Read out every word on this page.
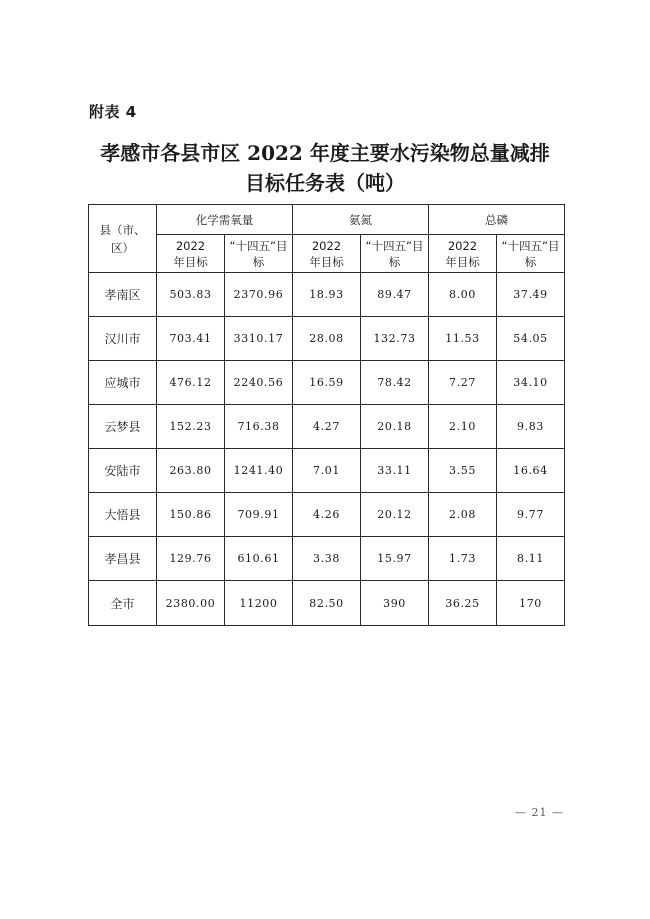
附表 4
孝感市各县市区 2022 年度主要水污染物总量减排
目标任务表（吨）
县（市、区）	化学需氧量		氨氮		总磷	

	2022 年目标	“十四五”目标	2022 年目标	“十四五”目标	2022 年目标	“十四五”目标

孝南区	503.83	2370.96	18.93	89.47	8.00	37.49
汉川市	703.41	3310.17	28.08	132.73	11.53	54.05
应城市	476.12	2240.56	16.59	78.42	7.27	34.10
云梦县	152.23	716.38	4.27	20.18	2.10	9.83
安陆市	263.80	1241.40	7.01	33.11	3.55	16.64
大悟县	150.86	709.91	4.26	20.12	2.08	9.77
孝昌县	129.76	610.61	3.38	15.97	1.73	8.11
全市	2380.00	11200	82.50	390	36.25	170
— 21 —
